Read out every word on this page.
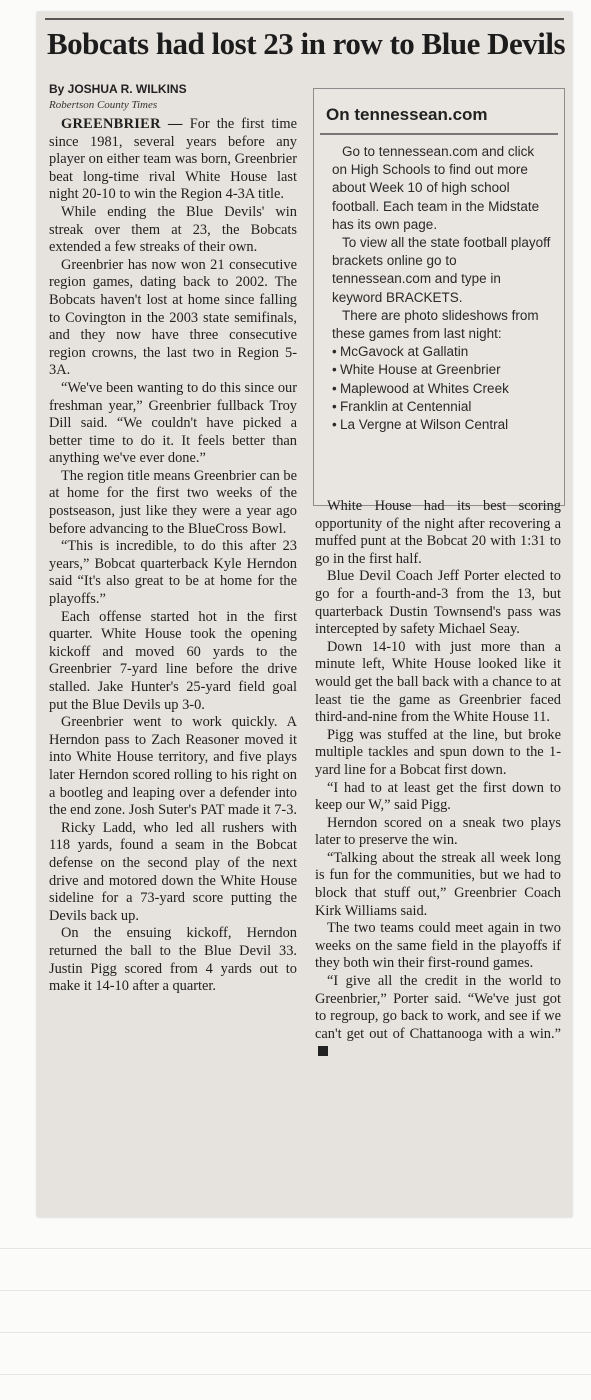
Bobcats had lost 23 in row to Blue Devils
By JOSHUA R. WILKINS
Robertson County Times

GREENBRIER — For the first time since 1981, several years before any player on either team was born, Greenbrier beat long-time rival White House last night 20-10 to win the Region 4-3A title.

While ending the Blue Devils' win streak over them at 23, the Bobcats extended a few streaks of their own.

Greenbrier has now won 21 consecutive region games, dating back to 2002. The Bobcats haven't lost at home since falling to Covington in the 2003 state semifinals, and they now have three consecutive region crowns, the last two in Region 5-3A.

“We've been wanting to do this since our freshman year,” Greenbrier fullback Troy Dill said. “We couldn't have picked a better time to do it. It feels better than anything we've ever done.”

The region title means Greenbrier can be at home for the first two weeks of the postseason, just like they were a year ago before advancing to the BlueCross Bowl.

“This is incredible, to do this after 23 years,” Bobcat quarterback Kyle Herndon said “It's also great to be at home for the playoffs.”

Each offense started hot in the first quarter. White House took the opening kickoff and moved 60 yards to the Greenbrier 7-yard line before the drive stalled. Jake Hunter's 25-yard field goal put the Blue Devils up 3-0.

Greenbrier went to work quickly. A Herndon pass to Zach Reasoner moved it into White House territory, and five plays later Herndon scored rolling to his right on a bootleg and leaping over a defender into the end zone. Josh Suter's PAT made it 7-3.

Ricky Ladd, who led all rushers with 118 yards, found a seam in the Bobcat defense on the second play of the next drive and motored down the White House sideline for a 73-yard score putting the Devils back up.

On the ensuing kickoff, Herndon returned the ball to the Blue Devil 33. Justin Pigg scored from 4 yards out to make it 14-10 after a quarter.

On tennessean.com

Go to tennessean.com and click on High Schools to find out more about Week 10 of high school football. Each team in the Midstate has its own page.

To view all the state football playoff brackets online go to tennessean.com and type in keyword BRACKETS.

There are photo slideshows from these games from last night:

• McGavock at Gallatin
• White House at Greenbrier
• Maplewood at Whites Creek
• Franklin at Centennial
• La Vergne at Wilson Central

White House had its best scoring opportunity of the night after recovering a muffed punt at the Bobcat 20 with 1:31 to go in the first half.

Blue Devil Coach Jeff Porter elected to go for a fourth-and-3 from the 13, but quarterback Dustin Townsend's pass was intercepted by safety Michael Seay.

Down 14-10 with just more than a minute left, White House looked like it would get the ball back with a chance to at least tie the game as Greenbrier faced third-and-nine from the White House 11.

Pigg was stuffed at the line, but broke multiple tackles and spun down to the 1-yard line for a Bobcat first down.

“I had to at least get the first down to keep our W,” said Pigg.

Herndon scored on a sneak two plays later to preserve the win.

“Talking about the streak all week long is fun for the communities, but we had to block that stuff out,” Greenbrier Coach Kirk Williams said.

The two teams could meet again in two weeks on the same field in the playoffs if they both win their first-round games.

“I give all the credit in the world to Greenbrier,” Porter said. “We've just got to regroup, go back to work, and see if we can't get out of Chattanooga with a win.”
